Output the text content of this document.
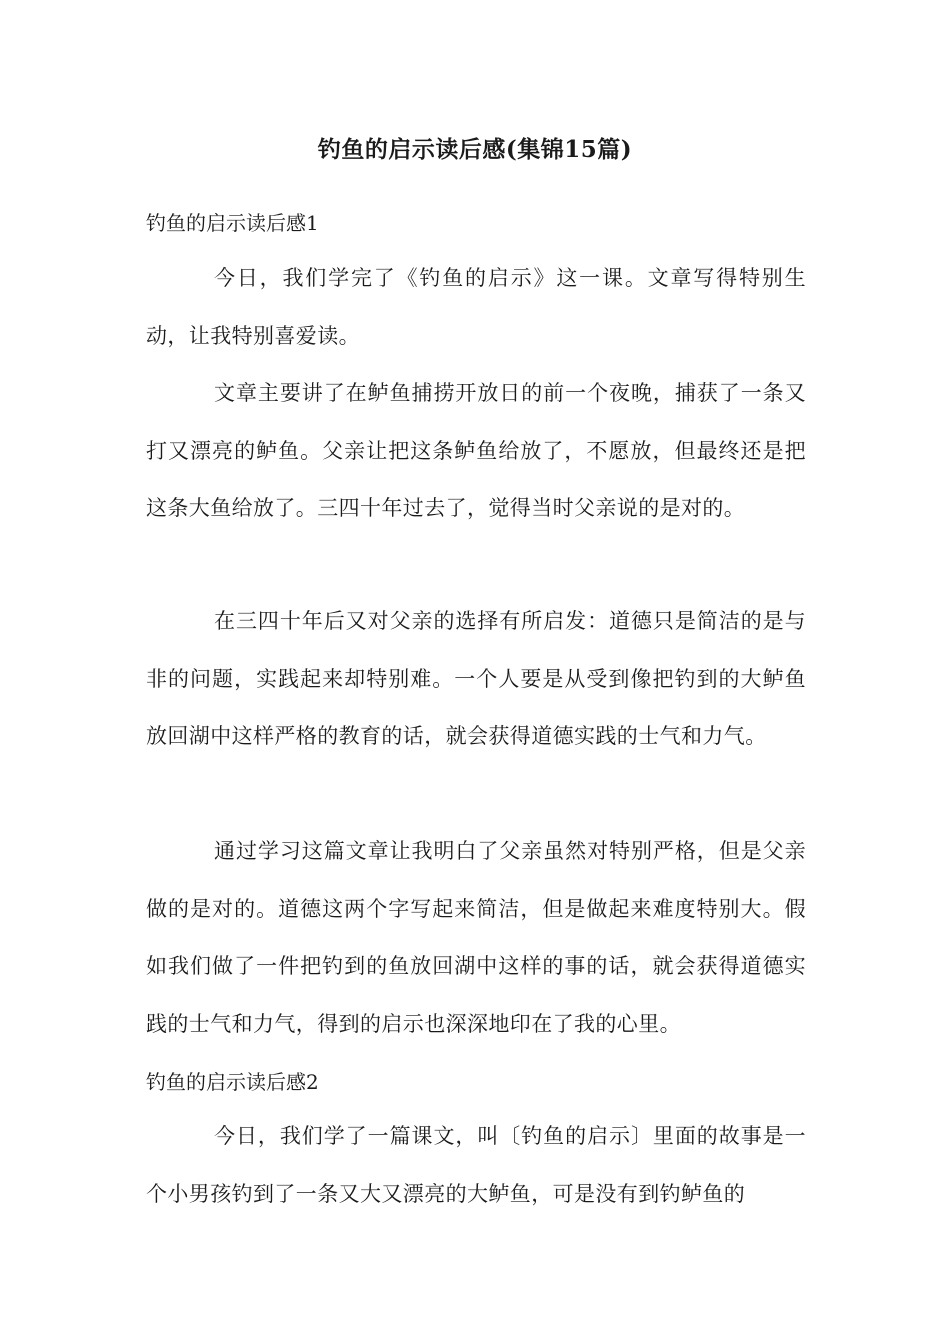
钓鱼的启示读后感(集锦15篇)
钓鱼的启示读后感1

今日，我们学完了《钓鱼的启示》这一课。文章写得特别生动，让我特别喜爱读。

文章主要讲了在鲈鱼捕捞开放日的前一个夜晚，捕获了一条又打又漂亮的鲈鱼。父亲让把这条鲈鱼给放了，不愿放，但最终还是把这条大鱼给放了。三四十年过去了，觉得当时父亲说的是对的。

在三四十年后又对父亲的选择有所启发：道德只是简洁的是与非的问题，实践起来却特别难。一个人要是从受到像把钓到的大鲈鱼放回湖中这样严格的教育的话，就会获得道德实践的士气和力气。

通过学习这篇文章让我明白了父亲虽然对特别严格，但是父亲做的是对的。道德这两个字写起来简洁，但是做起来难度特别大。假如我们做了一件把钓到的鱼放回湖中这样的事的话，就会获得道德实践的士气和力气，得到的启示也深深地印在了我的心里。

钓鱼的启示读后感2

今日，我们学了一篇课文，叫〔钓鱼的启示〕里面的故事是一个小男孩钓到了一条又大又漂亮的大鲈鱼，可是没有到钓鲈鱼的
